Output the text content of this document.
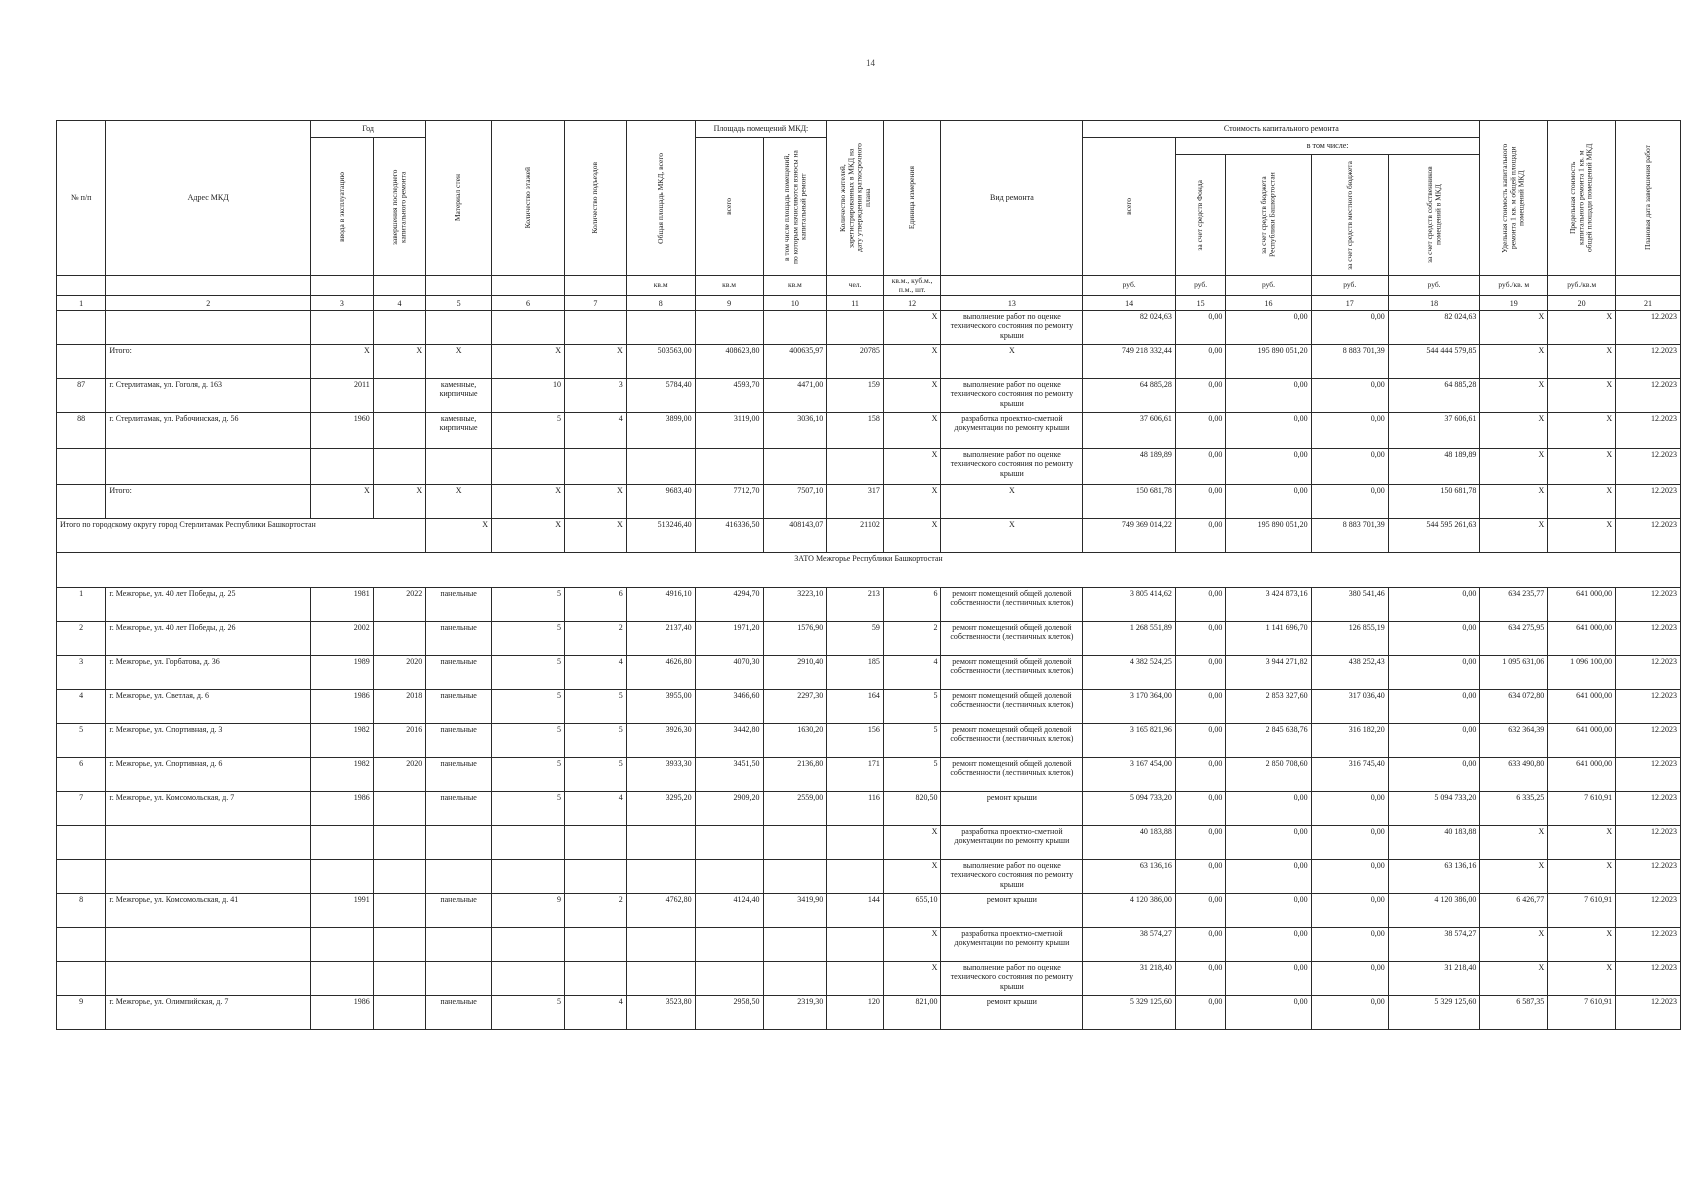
14
№ п/п	Адрес МКД	Год		Материал стен	Количество этажей	Количество подъездов	Общая площадь МКД, всего	Площадь помещений МКД:		Количество жителей, зарегистрированных в МКД на дату утверждения краткосрочного плана	Единица измерения	Вид ремонта	Стоимость капитального ремонта					Удельная стоимость капитального ремонта 1 кв. м общей площади помещений МКД	Предельная стоимость капитального ремонта 1 кв. м общей площади помещений МКД	Плановая дата завершения работ

		ввода в эксплуатацию	завершения последнего капитального ремонта					всего	в том числе площадь помещений, по которым начисляются взносы на капитальный ремонт				всего	в том числе:						

														за счет средств Фонда	за счет средств бюджета Республики Башкортостан	за счет средств местного бюджета	за счет средств собственников помещений в МКД			

							кв.м	кв.м	кв.м	чел.	кв.м., куб.м., п.м., шт.		руб.	руб.	руб.	руб.	руб.	руб./кв. м	руб./кв.м	
1	2	3	4	5	6	7	8	9	10	11	12	13	14	15	16	17	18	19	20	21
											X	выполнение работ по оценке технического состояния по ремонту крыши	82 024,63	0,00	0,00	0,00	82 024,63	X	X	12.2023
	Итого:	X	X	X	X	X	503563,00	408623,80	400635,97	20785	X	X	749 218 332,44	0,00	195 890 051,20	8 883 701,39	544 444 579,85	X	X	12.2023
87	г. Стерлитамак, ул. Гоголя, д. 163	2011		каменные, кирпичные	10	3	5784,40	4593,70	4471,00	159	X	выполнение работ по оценке технического состояния по ремонту крыши	64 885,28	0,00	0,00	0,00	64 885,28	X	X	12.2023
88	г. Стерлитамак, ул. Рабочинская, д. 56	1960		каменные, кирпичные	5	4	3899,00	3119,00	3036,10	158	X	разработка проектно-сметной документации по ремонту крыши	37 606,61	0,00	0,00	0,00	37 606,61	X	X	12.2023
											X	выполнение работ по оценке технического состояния по ремонту крыши	48 189,89	0,00	0,00	0,00	48 189,89	X	X	12.2023
	Итого:	X	X	X	X	X	9683,40	7712,70	7507,10	317	X	X	150 681,78	0,00	0,00	0,00	150 681,78	X	X	12.2023
Итого по городскому округу город Стерлитамак Республики Башкортостан				X	X	X	513246,40	416336,50	408143,07	21102	X	X	749 369 014,22	0,00	195 890 051,20	8 883 701,39	544 595 261,63	X	X	12.2023
ЗАТО Межгорье Республики Башкортостан																				
1	г. Межгорье, ул. 40 лет Победы, д. 25	1981	2022	панельные	5	6	4916,10	4294,70	3223,10	213	6	ремонт помещений общей долевой собственности (лестничных клеток)	3 805 414,62	0,00	3 424 873,16	380 541,46	0,00	634 235,77	641 000,00	12.2023
2	г. Межгорье, ул. 40 лет Победы, д. 26	2002		панельные	5	2	2137,40	1971,20	1576,90	59	2	ремонт помещений общей долевой собственности (лестничных клеток)	1 268 551,89	0,00	1 141 696,70	126 855,19	0,00	634 275,95	641 000,00	12.2023
3	г. Межгорье, ул. Горбатова, д. 36	1989	2020	панельные	5	4	4626,80	4070,30	2910,40	185	4	ремонт помещений общей долевой собственности (лестничных клеток)	4 382 524,25	0,00	3 944 271,82	438 252,43	0,00	1 095 631,06	1 096 100,00	12.2023
4	г. Межгорье, ул. Светлая, д. 6	1986	2018	панельные	5	5	3955,00	3466,60	2297,30	164	5	ремонт помещений общей долевой собственности (лестничных клеток)	3 170 364,00	0,00	2 853 327,60	317 036,40	0,00	634 072,80	641 000,00	12.2023
5	г. Межгорье, ул. Спортивная, д. 3	1982	2016	панельные	5	5	3926,30	3442,80	1630,20	156	5	ремонт помещений общей долевой собственности (лестничных клеток)	3 165 821,96	0,00	2 845 638,76	316 182,20	0,00	632 364,39	641 000,00	12.2023
6	г. Межгорье, ул. Спортивная, д. 6	1982	2020	панельные	5	5	3933,30	3451,50	2136,80	171	5	ремонт помещений общей долевой собственности (лестничных клеток)	3 167 454,00	0,00	2 850 708,60	316 745,40	0,00	633 490,80	641 000,00	12.2023
7	г. Межгорье, ул. Комсомольская, д. 7	1986		панельные	5	4	3295,20	2909,20	2559,00	116	820,50	ремонт крыши	5 094 733,20	0,00	0,00	0,00	5 094 733,20	6 335,25	7 610,91	12.2023
											X	разработка проектно-сметной документации по ремонту крыши	40 183,88	0,00	0,00	0,00	40 183,88	X	X	12.2023
											X	выполнение работ по оценке технического состояния по ремонту крыши	63 136,16	0,00	0,00	0,00	63 136,16	X	X	12.2023
8	г. Межгорье, ул. Комсомольская, д. 41	1991		панельные	9	2	4762,80	4124,40	3419,90	144	655,10	ремонт крыши	4 120 386,00	0,00	0,00	0,00	4 120 386,00	6 426,77	7 610,91	12.2023
											X	разработка проектно-сметной документации по ремонту крыши	38 574,27	0,00	0,00	0,00	38 574,27	X	X	12.2023
											X	выполнение работ по оценке технического состояния по ремонту крыши	31 218,40	0,00	0,00	0,00	31 218,40	X	X	12.2023
9	г. Межгорье, ул. Олимпийская, д. 7	1986		панельные	5	4	3523,80	2958,50	2319,30	120	821,00	ремонт крыши	5 329 125,60	0,00	0,00	0,00	5 329 125,60	6 587,35	7 610,91	12.2023
